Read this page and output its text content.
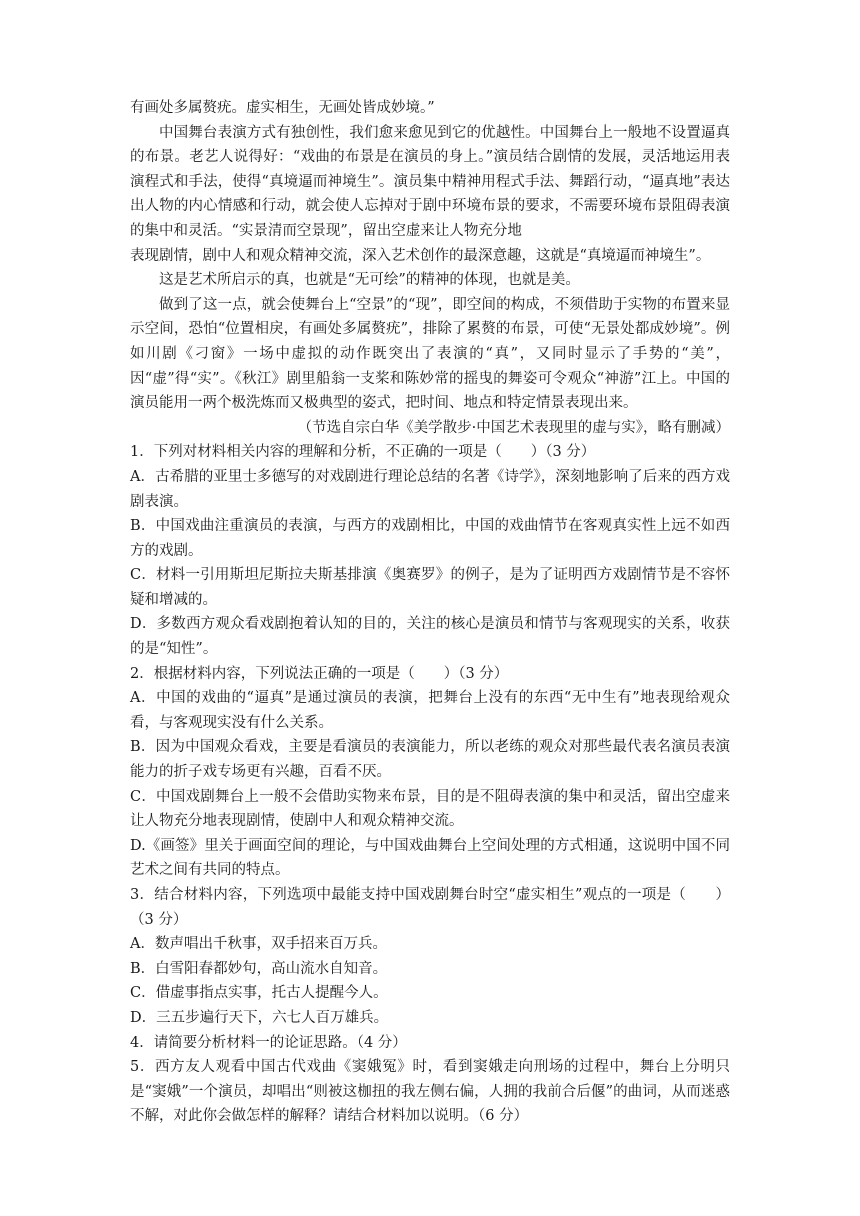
有画处多属赘疣。虚实相生，无画处皆成妙境。”

中国舞台表演方式有独创性，我们愈来愈见到它的优越性。中国舞台上一般地不设置逼真的布景。老艺人说得好：“戏曲的布景是在演员的身上。”演员结合剧情的发展，灵活地运用表演程式和手法，使得“真境逼而神境生”。演员集中精神用程式手法、舞蹈行动，“逼真地”表达出人物的内心情感和行动，就会使人忘掉对于剧中环境布景的要求，不需要环境布景阻碍表演的集中和灵活。“实景清而空景现”，留出空虚来让人物充分地

表现剧情，剧中人和观众精神交流，深入艺术创作的最深意趣，这就是“真境逼而神境生”。

这是艺术所启示的真，也就是“无可绘”的精神的体现，也就是美。

做到了这一点，就会使舞台上“空景”的“现”，即空间的构成，不须借助于实物的布置来显示空间，恐怕“位置相戾，有画处多属赘疣”，排除了累赘的布景，可使“无景处都成妙境”。例如川剧《刁窗》一场中虚拟的动作既突出了表演的“真”，又同时显示了手势的“美”，因“虚”得“实”。《秋江》剧里船翁一支桨和陈妙常的摇曳的舞姿可令观众“神游”江上。中国的演员能用一两个极洗炼而又极典型的姿式，把时间、地点和特定情景表现出来。

（节选自宗白华《美学散步·中国艺术表现里的虚与实》，略有删减）

1．下列对材料相关内容的理解和分析，不正确的一项是（　　）（3 分）

A．古希腊的亚里士多德写的对戏剧进行理论总结的名著《诗学》，深刻地影响了后来的西方戏剧表演。

B．中国戏曲注重演员的表演，与西方的戏剧相比，中国的戏曲情节在客观真实性上远不如西方的戏剧。

C．材料一引用斯坦尼斯拉夫斯基排演《奥赛罗》的例子，是为了证明西方戏剧情节是不容怀疑和增减的。

D．多数西方观众看戏剧抱着认知的目的，关注的核心是演员和情节与客观现实的关系，收获的是“知性”。

2．根据材料内容，下列说法正确的一项是（　　）（3 分）

A．中国的戏曲的“逼真”是通过演员的表演，把舞台上没有的东西“无中生有”地表现给观众看，与客观现实没有什么关系。

B．因为中国观众看戏，主要是看演员的表演能力，所以老练的观众对那些最代表名演员表演能力的折子戏专场更有兴趣，百看不厌。

C．中国戏剧舞台上一般不会借助实物来布景，目的是不阻碍表演的集中和灵活，留出空虚来让人物充分地表现剧情，使剧中人和观众精神交流。

D.《画签》里关于画面空间的理论，与中国戏曲舞台上空间处理的方式相通，这说明中国不同艺术之间有共同的特点。

3．结合材料内容，下列选项中最能支持中国戏剧舞台时空“虚实相生”观点的一项是（　　）（3 分）

A．数声唱出千秋事，双手招来百万兵。

B．白雪阳春都妙句，高山流水自知音。

C．借虚事指点实事，托古人提醒今人。

D．三五步遍行天下，六七人百万雄兵。

4．请简要分析材料一的论证思路。（4 分）

5．西方友人观看中国古代戏曲《窦娥冤》时，看到窦娥走向刑场的过程中，舞台上分明只是“窦娥”一个演员，却唱出“则被这枷扭的我左侧右偏，人拥的我前合后偃”的曲词，从而迷惑不解，对此你会做怎样的解释？请结合材料加以说明。（6 分）
